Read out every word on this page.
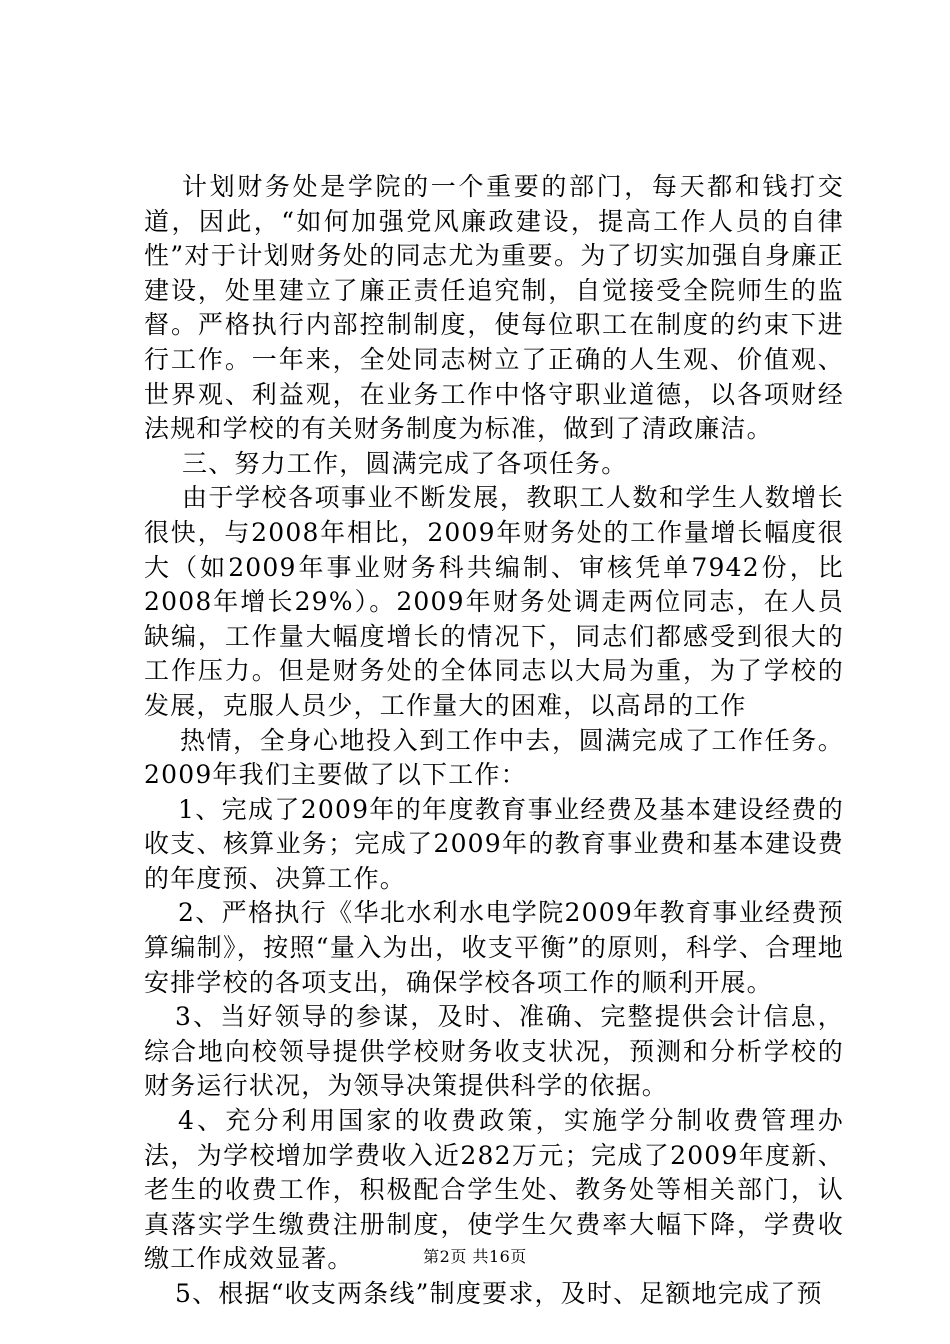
计划财务处是学院的一个重要的部门，每天都和钱打交道，因此，“如何加强党风廉政建设，提高工作人员的自律性”对于计划财务处的同志尤为重要。为了切实加强自身廉正建设，处里建立了廉正责任追究制，自觉接受全院师生的监督。严格执行内部控制制度，使每位职工在制度的约束下进行工作。一年来，全处同志树立了正确的人生观、价值观、世界观、利益观，在业务工作中恪守职业道德，以各项财经法规和学校的有关财务制度为标准，做到了清政廉洁。

三、努力工作，圆满完成了各项任务。

由于学校各项事业不断发展，教职工人数和学生人数增长很快，与2008年相比，2009年财务处的工作量增长幅度很大（如2009年事业财务科共编制、审核凭单7942份，比2008年增长29%）。2009年财务处调走两位同志，在人员缺编，工作量大幅度增长的情况下，同志们都感受到很大的工作压力。但是财务处的全体同志以大局为重，为了学校的发展，克服人员少，工作量大的困难，以高昂的工作

热情，全身心地投入到工作中去，圆满完成了工作任务。2009年我们主要做了以下工作：

1、完成了2009年的年度教育事业经费及基本建设经费的收支、核算业务；完成了2009年的教育事业费和基本建设费的年度预、决算工作。

2、严格执行《华北水利水电学院2009年教育事业经费预算编制》，按照“量入为出，收支平衡”的原则，科学、合理地安排学校的各项支出，确保学校各项工作的顺利开展。

3、当好领导的参谋，及时、准确、完整提供会计信息，综合地向校领导提供学校财务收支状况，预测和分析学校的财务运行状况，为领导决策提供科学的依据。

4、充分利用国家的收费政策，实施学分制收费管理办法，为学校增加学费收入近282万元；完成了2009年度新、老生的收费工作，积极配合学生处、教务处等相关部门，认真落实学生缴费注册制度，使学生欠费率大幅下降，学费收缴工作成效显著。

5、根据“收支两条线”制度要求，及时、足额地完成了预

第2页 共16页
